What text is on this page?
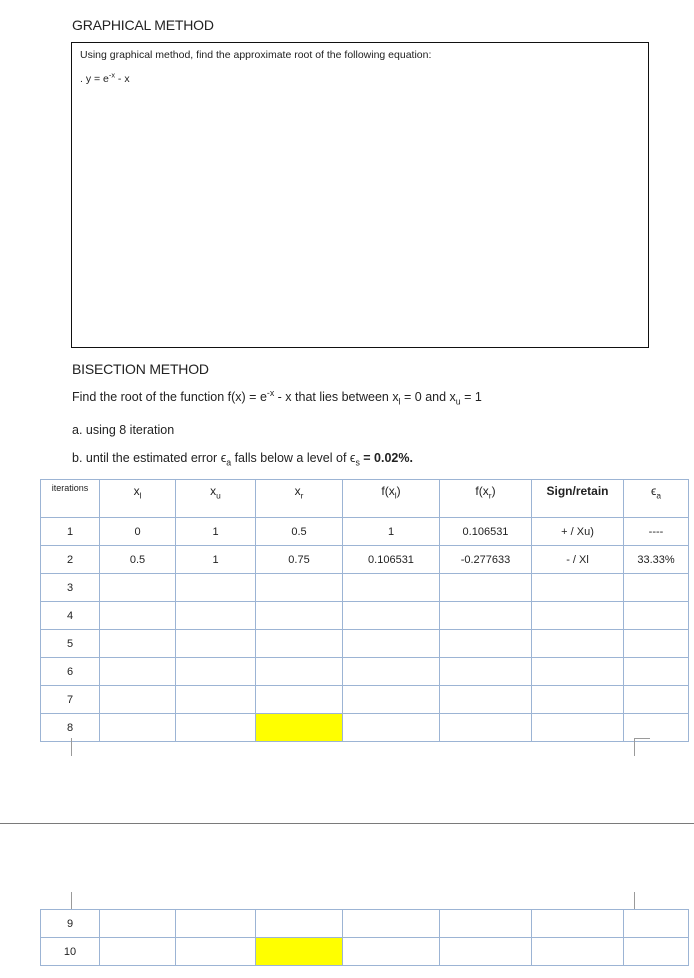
GRAPHICAL METHOD
Using graphical method, find the approximate root of the following equation:
. $y = e^{-x} - x$
BISECTION METHOD
Find the root of the function $f(x) = e^{-x} - x$ that lies between $x_l = 0$ and $x_u = 1$
a. using 8 iteration
b. until the estimated error $\epsilon_a$ falls below a level of $\epsilon_s = 0.02\%$.
iterations	$x_l$	$x_u$	$x_r$	$f(x_l)$	$f(x_r)$	Sign/retain	$\epsilon_a$
1	0	1	0.5	1	0.106531	+ / Xu)	----
2	0.5	1	0.75	0.106531	-0.277633	- / Xl	33.33%
3							
4							
5							
6							
7							
8							
9							
10							
